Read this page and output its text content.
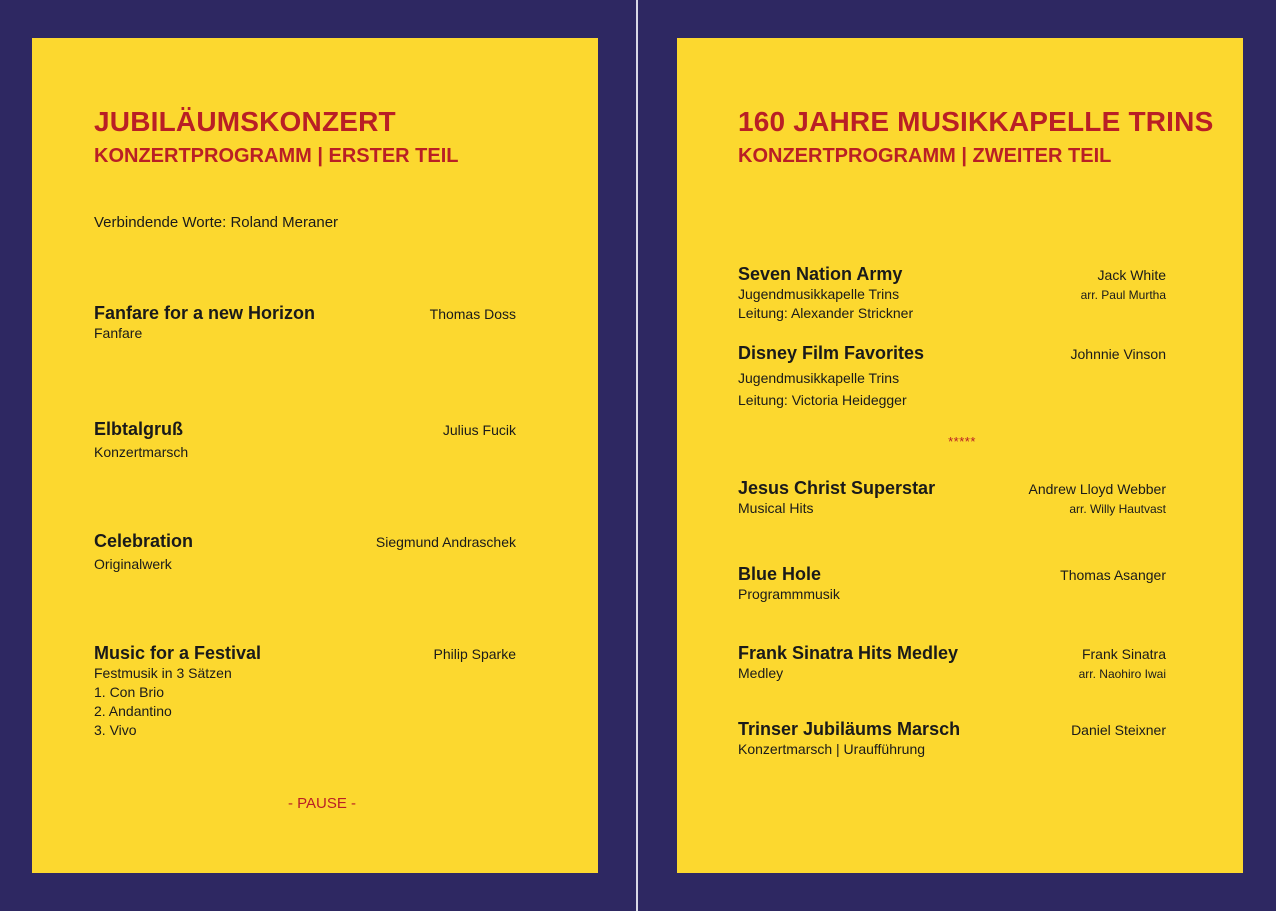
JUBILÄUMSKONZERT
KONZERTPROGRAMM | ERSTER TEIL
Verbindende Worte: Roland Meraner
Fanfare for a new Horizon	Thomas Doss
Fanfare
Elbtalgruß	Julius Fucik
Konzertmarsch
Celebration	Siegmund Andraschek
Originalwerk
Music for a Festival	Philip Sparke
Festmusik in 3 Sätzen
1. Con Brio
2. Andantino
3. Vivo
- PAUSE -
160 JAHRE MUSIKKAPELLE TRINS
KONZERTPROGRAMM | ZWEITER TEIL
Seven Nation Army	Jack White
Jugendmusikkapelle Trins	arr. Paul Murtha
Leitung: Alexander Strickner
Disney Film Favorites	Johnnie Vinson
Jugendmusikkapelle Trins
Leitung: Victoria Heidegger
*****
Jesus Christ Superstar	Andrew Lloyd Webber
Musical Hits	arr. Willy Hautvast
Blue Hole	Thomas Asanger
Programmmusik
Frank Sinatra Hits Medley	Frank Sinatra
Medley	arr. Naohiro Iwai
Trinser Jubiläums Marsch	Daniel Steixner
Konzertmarsch | Uraufführung
